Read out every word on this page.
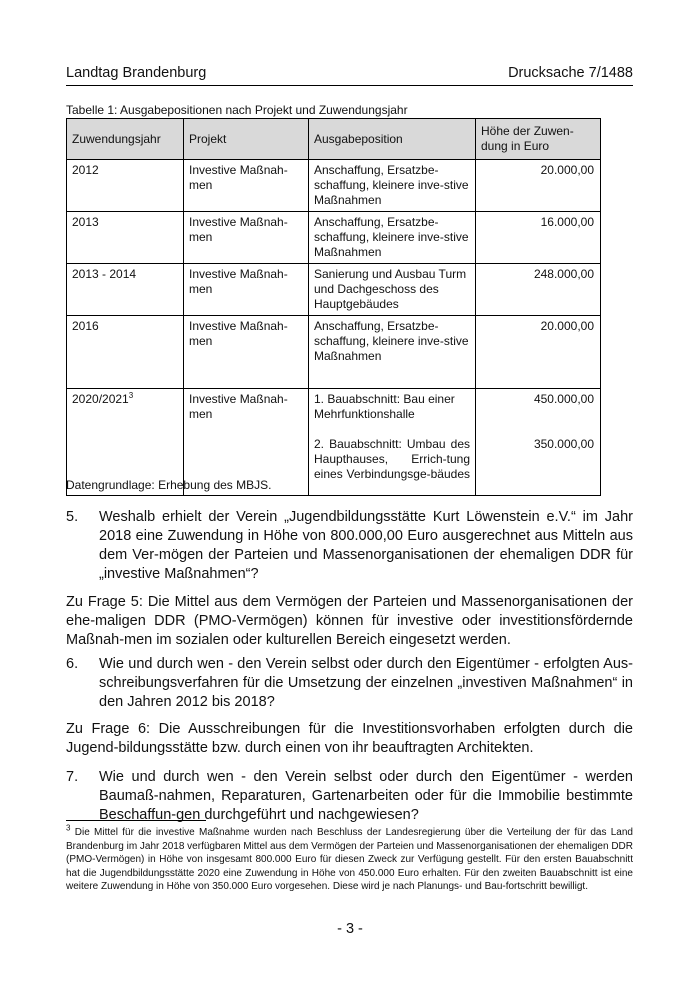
Landtag Brandenburg	Drucksache 7/1488
Tabelle 1: Ausgabepositionen nach Projekt und Zuwendungsjahr
Zuwendungsjahr	Projekt	Ausgabeposition	Höhe der Zuwen-dung in Euro
2012	Investive Maßnah-men	Anschaffung, Ersatzbe-schaffung, kleinere inve-stive Maßnahmen	20.000,00
2013	Investive Maßnah-men	Anschaffung, Ersatzbe-schaffung, kleinere inve-stive Maßnahmen	16.000,00
2013 - 2014	Investive Maßnah-men	Sanierung und Ausbau Turm und Dachgeschoss des Hauptgebäudes	248.000,00
2016	Investive Maßnah-men	Anschaffung, Ersatzbe-schaffung, kleinere inve-stive Maßnahmen	20.000,00
2020/2021$^3$	Investive Maßnah-men	1. Bauabschnitt: Bau einer Mehrfunktionshalle	450.000,00

		2. Bauabschnitt: Umbau des Haupthauses, Errich-tung eines Verbindungsge-bäudes	350.000,00
Datengrundlage: Erhebung des MBJS.
5. Weshalb erhielt der Verein „Jugendbildungsstätte Kurt Löwenstein e.V.“ im Jahr 2018 eine Zuwendung in Höhe von 800.000,00 Euro ausgerechnet aus Mitteln aus dem Ver-mögen der Parteien und Massenorganisationen der ehemaligen DDR für „investive Maßnahmen“?
Zu Frage 5: Die Mittel aus dem Vermögen der Parteien und Massenorganisationen der ehe-maligen DDR (PMO-Vermögen) können für investive oder investitionsfördernde Maßnah-men im sozialen oder kulturellen Bereich eingesetzt werden.
6. Wie und durch wen - den Verein selbst oder durch den Eigentümer - erfolgten Aus-schreibungsverfahren für die Umsetzung der einzelnen „investiven Maßnahmen“ in den Jahren 2012 bis 2018?
Zu Frage 6: Die Ausschreibungen für die Investitionsvorhaben erfolgten durch die Jugend-bildungsstätte bzw. durch einen von ihr beauftragten Architekten.
7. Wie und durch wen - den Verein selbst oder durch den Eigentümer - werden Baumaß-nahmen, Reparaturen, Gartenarbeiten oder für die Immobilie bestimmte Beschaffun-gen durchgeführt und nachgewiesen?
$^3$ Die Mittel für die investive Maßnahme wurden nach Beschluss der Landesregierung über die Verteilung der für das Land Brandenburg im Jahr 2018 verfügbaren Mittel aus dem Vermögen der Parteien und Massenorganisationen der ehemaligen DDR (PMO-Vermögen) in Höhe von insgesamt 800.000 Euro für diesen Zweck zur Verfügung gestellt. Für den ersten Bauabschnitt hat die Jugendbildungsstätte 2020 eine Zuwendung in Höhe von 450.000 Euro erhalten. Für den zweiten Bauabschnitt ist eine weitere Zuwendung in Höhe von 350.000 Euro vorgesehen. Diese wird je nach Planungs- und Bau-fortschritt bewilligt.
- 3 -
